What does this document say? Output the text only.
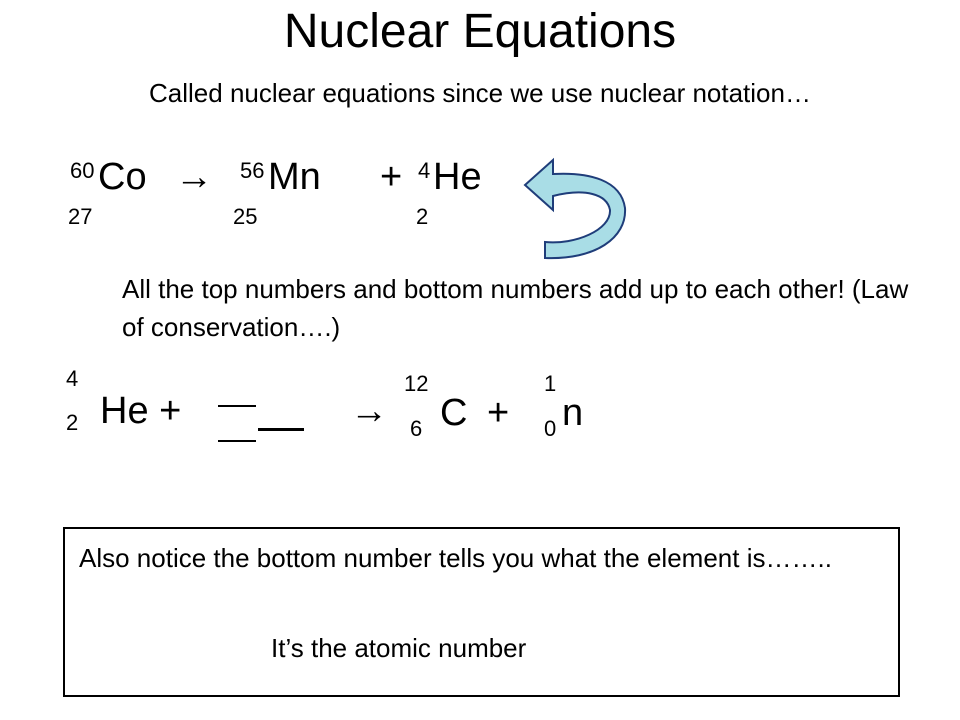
Nuclear Equations
Called nuclear equations since we use nuclear notation…
60 Co
27
→ 56 Mn
25
+ 4 He
2
All the top numbers and bottom numbers add up to each other! (Law of conservation….)
4
2 He +	→
12
6 C +
1
0 n
Also notice the bottom number tells you what the element is……..
It’s the atomic number
